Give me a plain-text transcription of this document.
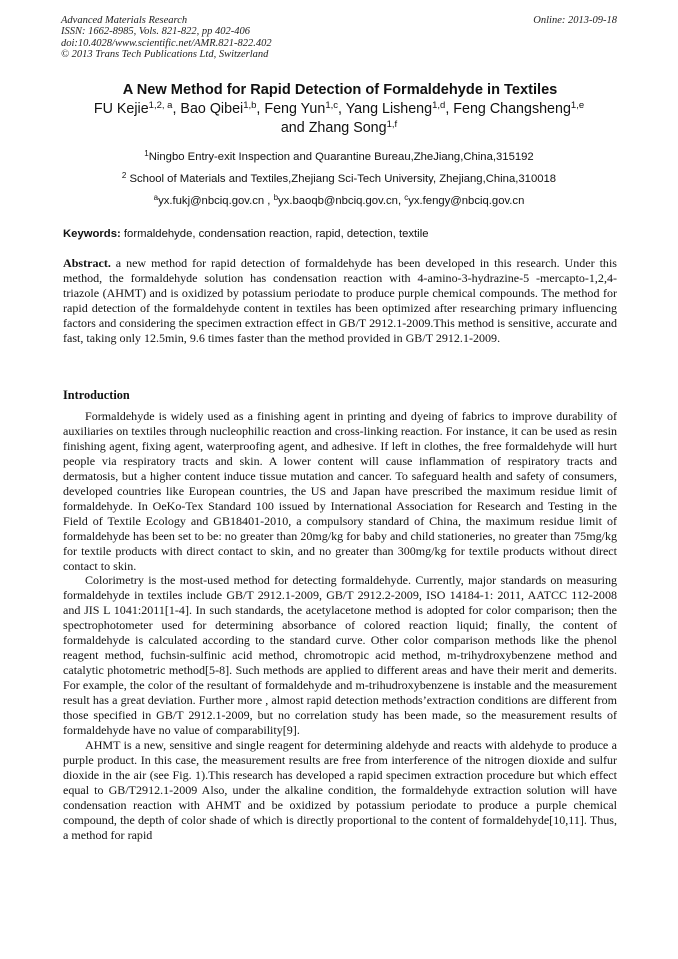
Advanced Materials Research
ISSN: 1662-8985, Vols. 821-822, pp 402-406
doi:10.4028/www.scientific.net/AMR.821-822.402
© 2013 Trans Tech Publications Ltd, Switzerland
Online: 2013-09-18
A New Method for Rapid Detection of Formaldehyde in Textiles
FU Kejie$^{1,2, a}$, Bao Qibei$^{1,b}$, Feng Yun$^{1,c}$, Yang Lisheng$^{1,d}$, Feng Changsheng$^{1,e}$
and Zhang Song$^{1,f}$
$^1$Ningbo Entry-exit Inspection and Quarantine Bureau,ZheJiang,China,315192
$^2$ School of Materials and Textiles,Zhejiang Sci-Tech University, Zhejiang,China,310018
$^a$yx.fukj@nbciq.gov.cn , $^b$yx.baoqb@nbciq.gov.cn, $^c$yx.fengy@nbciq.gov.cn
Keywords: formaldehyde, condensation reaction, rapid, detection, textile
Abstract. a new method for rapid detection of formaldehyde has been developed in this research. Under this method, the formaldehyde solution has condensation reaction with 4-amino-3-hydrazine-5 -mercapto-1,2,4-triazole (AHMT) and is oxidized by potassium periodate to produce purple chemical compounds. The method for rapid detection of the formaldehyde content in textiles has been optimized after researching primary influencing factors and considering the specimen extraction effect in GB/T 2912.1-2009.This method is sensitive, accurate and fast, taking only 12.5min, 9.6 times faster than the method provided in GB/T 2912.1-2009.
Introduction

Formaldehyde is widely used as a finishing agent in printing and dyeing of fabrics to improve durability of auxiliaries on textiles through nucleophilic reaction and cross-linking reaction. For instance, it can be used as resin finishing agent, fixing agent, waterproofing agent, and adhesive. If left in clothes, the free formaldehyde will hurt people via respiratory tracts and skin. A lower content will cause inflammation of respiratory tracts and dermatosis, but a higher content induce tissue mutation and cancer. To safeguard health and safety of consumers, developed countries like European countries, the US and Japan have prescribed the maximum residue limit of formaldehyde. In OeKo-Tex Standard 100 issued by International Association for Research and Testing in the Field of Textile Ecology and GB18401-2010, a compulsory standard of China, the maximum residue limit of formaldehyde has been set to be: no greater than 20mg/kg for baby and child stationeries, no greater than 75mg/kg for textile products with direct contact to skin, and no greater than 300mg/kg for textile products without direct contact to skin.

Colorimetry is the most-used method for detecting formaldehyde. Currently, major standards on measuring formaldehyde in textiles include GB/T 2912.1-2009, GB/T 2912.2-2009, ISO 14184-1: 2011, AATCC 112-2008 and JIS L 1041:2011[1-4]. In such standards, the acetylacetone method is adopted for color comparison; then the spectrophotometer used for determining absorbance of colored reaction liquid; finally, the content of formaldehyde is calculated according to the standard curve. Other color comparison methods like the phenol reagent method, fuchsin-sulfinic acid method, chromotropic acid method, m-trihydroxybenzene method and catalytic photometric method[5-8]. Such methods are applied to different areas and have their merit and demerits. For example, the color of the resultant of formaldehyde and m-trihudroxybenzene is instable and the measurement result has a great deviation. Further more , almost rapid detection methods’extraction conditions are different from those specified in GB/T 2912.1-2009, but no correlation study has been made, so the measurement results of formaldehyde have no value of comparability[9].

AHMT is a new, sensitive and single reagent for determining aldehyde and reacts with aldehyde to produce a purple product. In this case, the measurement results are free from interference of the nitrogen dioxide and sulfur dioxide in the air (see Fig. 1).This research has developed a rapid specimen extraction procedure but which effect equal to GB/T2912.1-2009 Also, under the alkaline condition, the formaldehyde extraction solution will have condensation reaction with AHMT and be oxidized by potassium periodate to produce a purple chemical compound, the depth of color shade of which is directly proportional to the content of formaldehyde[10,11]. Thus, a method for rapid
